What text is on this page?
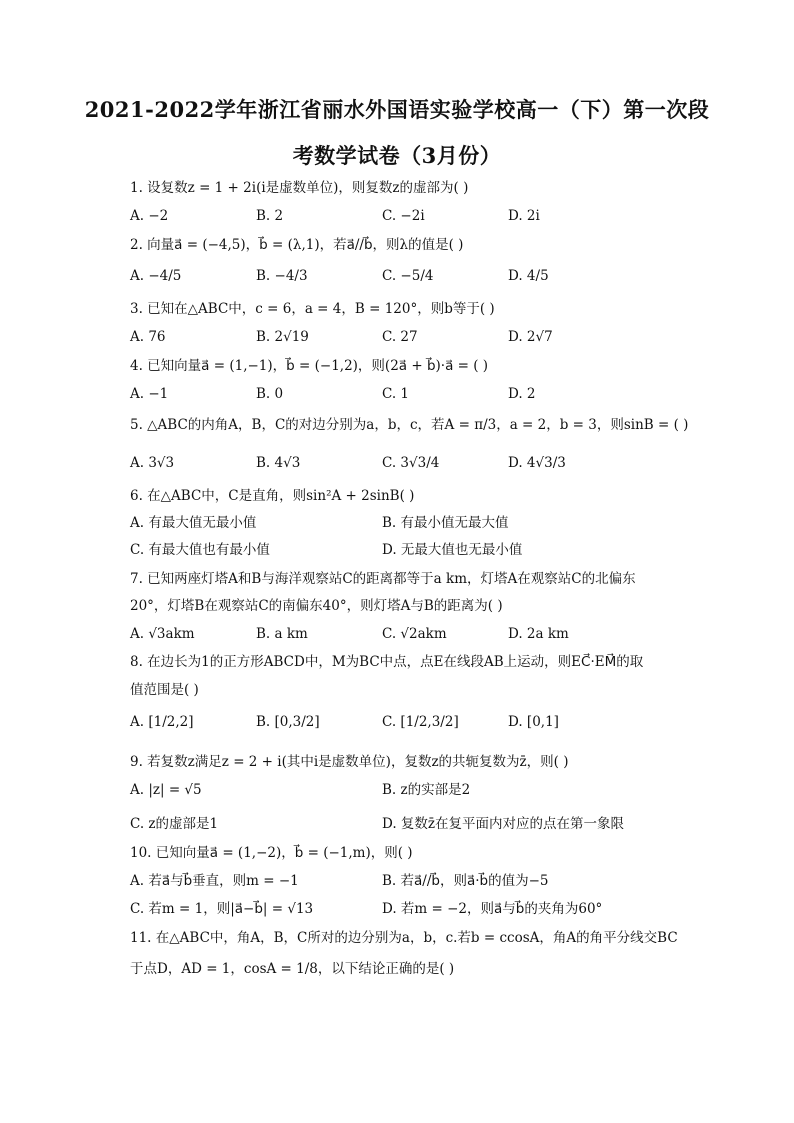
2021-2022学年浙江省丽水外国语实验学校高一（下）第一次段
考数学试卷（3月份）
1. 设复数z = 1 + 2i(i是虚数单位)，则复数z的虚部为( )
A. −2	B. 2	C. −2i	D. 2i
2. 向量a⃗ = (−4,5)，b⃗ = (λ,1)，若a⃗//b⃗，则λ的值是( )
A. −4/5	B. −4/3	C. −5/4	D. 4/5
3. 已知在△ABC中，c = 6，a = 4，B = 120°，则b等于( )
A. 76	B. 2√19	C. 27	D. 2√7
4. 已知向量a⃗ = (1,−1)，b⃗ = (−1,2)，则(2a⃗ + b⃗)·a⃗ = ( )
A. −1	B. 0	C. 1	D. 2
5. △ABC的内角A，B，C的对边分别为a，b，c，若A = π/3，a = 2，b = 3，则sinB = ( )
A. 3√3	B. 4√3	C. 3√3/4	D. 4√3/3
6. 在△ABC中，C是直角，则sin²A + 2sinB( )
A. 有最大值无最小值	B. 有最小值无最大值
C. 有最大值也有最小值	D. 无最大值也无最小值
7. 已知两座灯塔A和B与海洋观察站C的距离都等于a km，灯塔A在观察站C的北偏东
20°，灯塔B在观察站C的南偏东40°，则灯塔A与B的距离为( )
A. √3akm	B. a km	C. √2akm	D. 2a km
8. 在边长为1的正方形ABCD中，M为BC中点，点E在线段AB上运动，则EC⃗·EM⃗的取
值范围是( )
A. [1/2,2]	B. [0,3/2]	C. [1/2,3/2]	D. [0,1]
9. 若复数z满足z = 2 + i(其中i是虚数单位)，复数z的共轭复数为z̄，则( )
A. |z| = √5	B. z的实部是2
C. z的虚部是1	D. 复数z̄在复平面内对应的点在第一象限
10. 已知向量a⃗ = (1,−2)，b⃗ = (−1,m)，则( )
A. 若a⃗与b⃗垂直，则m = −1	B. 若a⃗//b⃗，则a⃗·b⃗的值为−5
C. 若m = 1，则|a⃗−b⃗| = √13	D. 若m = −2，则a⃗与b⃗的夹角为60°
11. 在△ABC中，角A，B，C所对的边分别为a，b，c.若b = ccosA，角A的角平分线交BC
于点D，AD = 1，cosA = 1/8，以下结论正确的是( )
